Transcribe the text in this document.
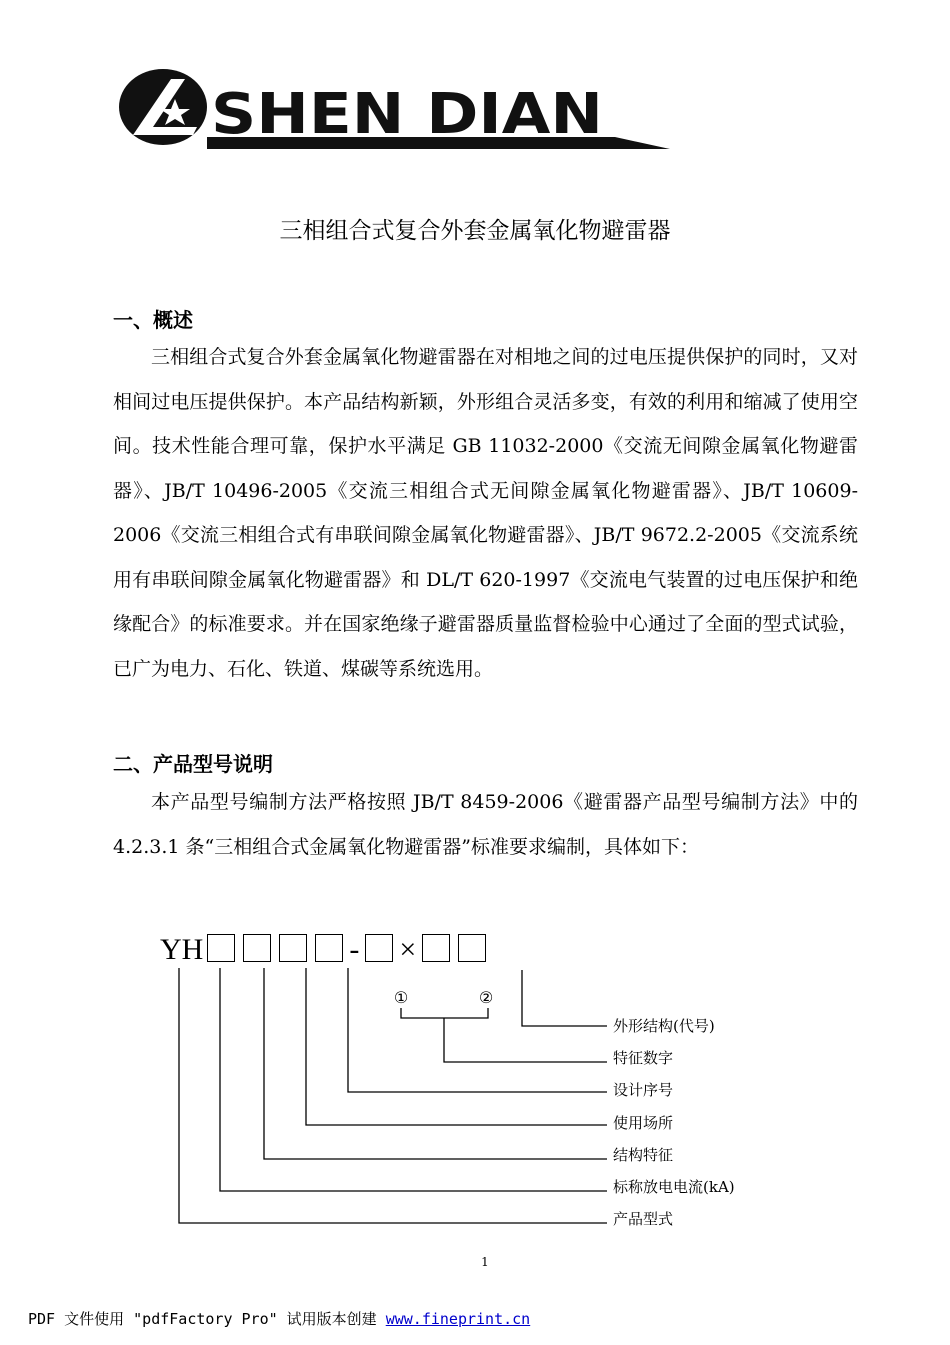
SHEN DIAN
三相组合式复合外套金属氧化物避雷器
一、概述

三相组合式复合外套金属氧化物避雷器在对相地之间的过电压提供保护的同时，又对相间过电压提供保护。本产品结构新颖，外形组合灵活多变，有效的利用和缩减了使用空间。技术性能合理可靠，保护水平满足 GB 11032-2000《交流无间隙金属氧化物避雷器》、JB/T 10496-2005《交流三相组合式无间隙金属氧化物避雷器》、JB/T 10609-2006《交流三相组合式有串联间隙金属氧化物避雷器》、JB/T 9672.2-2005《交流系统用有串联间隙金属氧化物避雷器》和 DL/T 620-1997《交流电气装置的过电压保护和绝缘配合》的标准要求。并在国家绝缘子避雷器质量监督检验中心通过了全面的型式试验，已广为电力、石化、铁道、煤碳等系统选用。

二、产品型号说明

本产品型号编制方法严格按照 JB/T 8459-2006《避雷器产品型号编制方法》中的 4.2.3.1 条“三相组合式金属氧化物避雷器”标准要求编制，具体如下：

YH	- ×
①	②
外形结构(代号)
特征数字
设计序号
使用场所
结构特征
标称放电电流(kA)
产品型式
1
PDF 文件使用 "pdfFactory Pro" 试用版本创建 www.fineprint.cn
